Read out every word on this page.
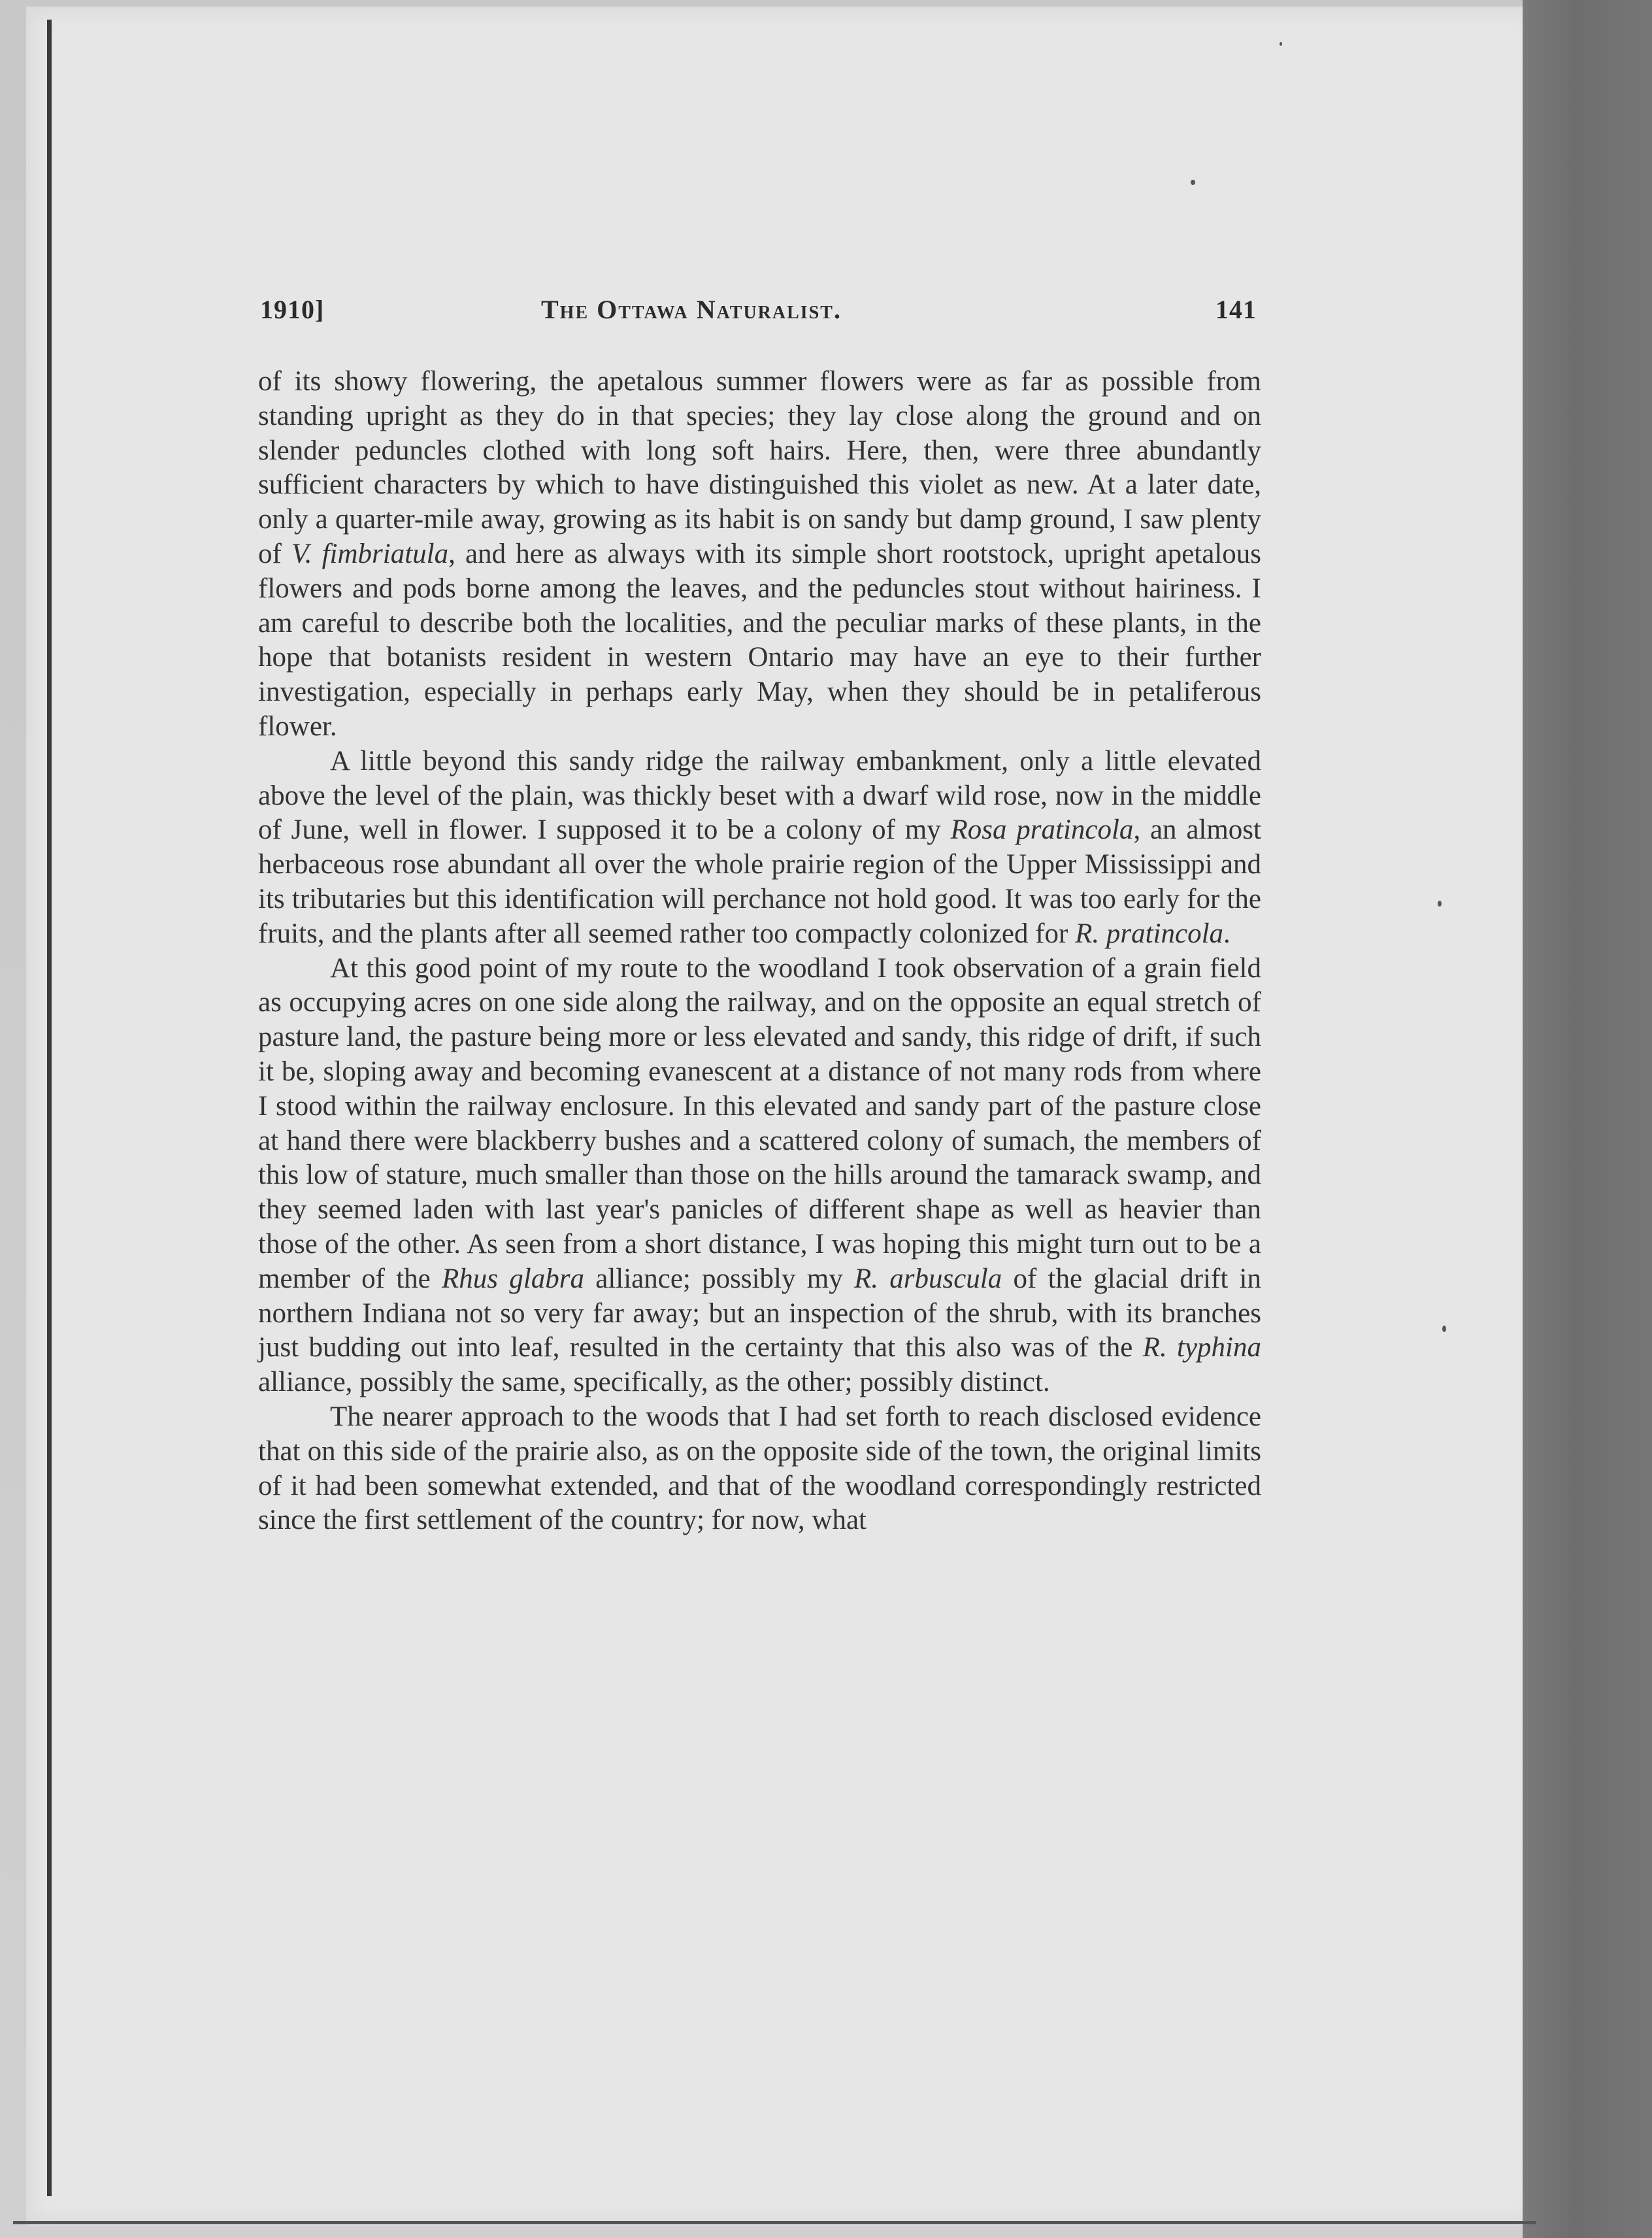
1910]	The Ottawa Naturalist.	141

of its showy flowering, the apetalous summer flowers were as far as possible from standing upright as they do in that species; they lay close along the ground and on slender peduncles clothed with long soft hairs. Here, then, were three abundantly sufficient characters by which to have distinguished this violet as new. At a later date, only a quarter-mile away, growing as its habit is on sandy but damp ground, I saw plenty of V. fimbriatula, and here as always with its simple short rootstock, upright apetalous flowers and pods borne among the leaves, and the peduncles stout without hairiness. I am careful to describe both the localities, and the peculiar marks of these plants, in the hope that botanists resident in western Ontario may have an eye to their further investigation, especially in perhaps early May, when they should be in petaliferous flower.

A little beyond this sandy ridge the railway embankment, only a little elevated above the level of the plain, was thickly beset with a dwarf wild rose, now in the middle of June, well in flower. I supposed it to be a colony of my Rosa pratincola, an almost herbaceous rose abundant all over the whole prairie region of the Upper Mississippi and its tributaries but this identification will perchance not hold good. It was too early for the fruits, and the plants after all seemed rather too compactly colonized for R. pratincola.

At this good point of my route to the woodland I took observation of a grain field as occupying acres on one side along the railway, and on the opposite an equal stretch of pasture land, the pasture being more or less elevated and sandy, this ridge of drift, if such it be, sloping away and becoming evanescent at a distance of not many rods from where I stood within the railway enclosure. In this elevated and sandy part of the pasture close at hand there were blackberry bushes and a scattered colony of sumach, the members of this low of stature, much smaller than those on the hills around the tamarack swamp, and they seemed laden with last year's panicles of different shape as well as heavier than those of the other. As seen from a short distance, I was hoping this might turn out to be a member of the Rhus glabra alliance; possibly my R. arbuscula of the glacial drift in northern Indiana not so very far away; but an inspection of the shrub, with its branches just budding out into leaf, resulted in the certainty that this also was of the R. typhina alliance, possibly the same, specifically, as the other; possibly distinct.

The nearer approach to the woods that I had set forth to reach disclosed evidence that on this side of the prairie also, as on the opposite side of the town, the original limits of it had been somewhat extended, and that of the woodland correspondingly restricted since the first settlement of the country; for now, what
